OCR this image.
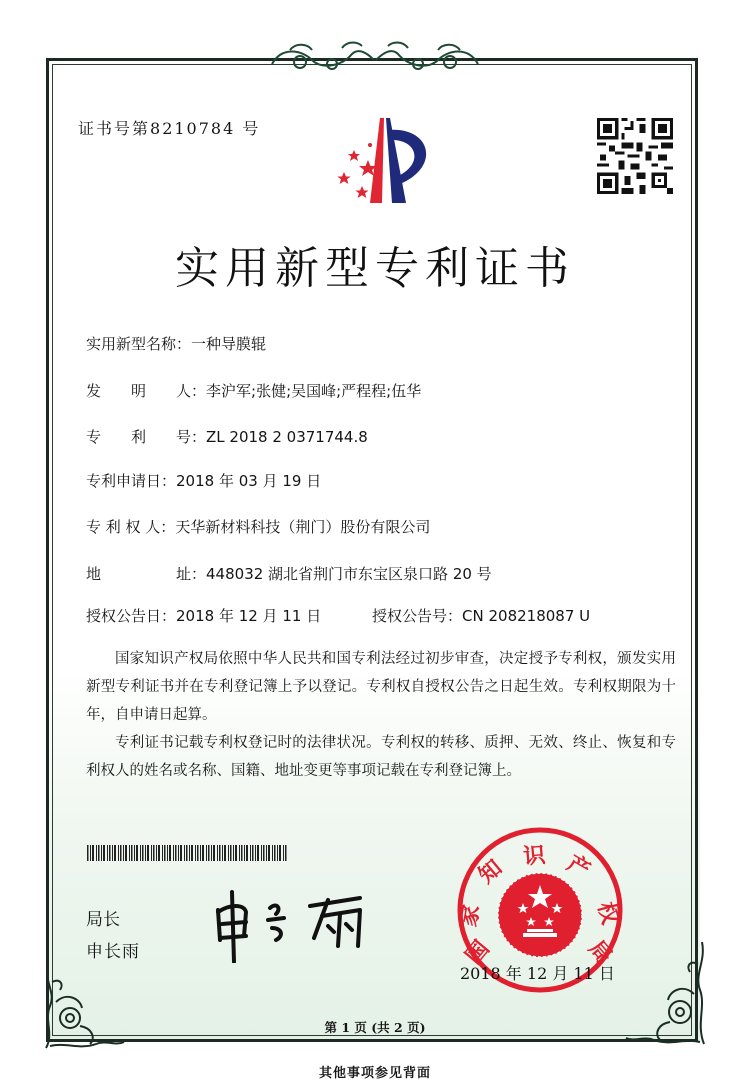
证书号第8210784 号
实用新型专利证书
实用新型名称：一种导膜辊
发　　明　　人：李沪军;张健;吴国峰;严程程;伍华
专　　利　　号：ZL 2018 2 0371744.8
专利申请日：2018 年 03 月 19 日
专 利 权 人：天华新材料科技（荆门）股份有限公司
地　　　　　址：448032 湖北省荆门市东宝区泉口路 20 号
授权公告日：2018 年 12 月 11 日	授权公告号：CN 208218087 U

国家知识产权局依照中华人民共和国专利法经过初步审查，决定授予专利权，颁发实用新型专利证书并在专利登记簿上予以登记。专利权自授权公告之日起生效。专利权期限为十年，自申请日起算。

专利证书记载专利权登记时的法律状况。专利权的转移、质押、无效、终止、恢复和专利权人的姓名或名称、国籍、地址变更等事项记载在专利登记簿上。

局长
申长雨	国
家
知 识 产
权
局
2018 年 12 月 11 日
第 1 页 (共 2 页)
其他事项参见背面
